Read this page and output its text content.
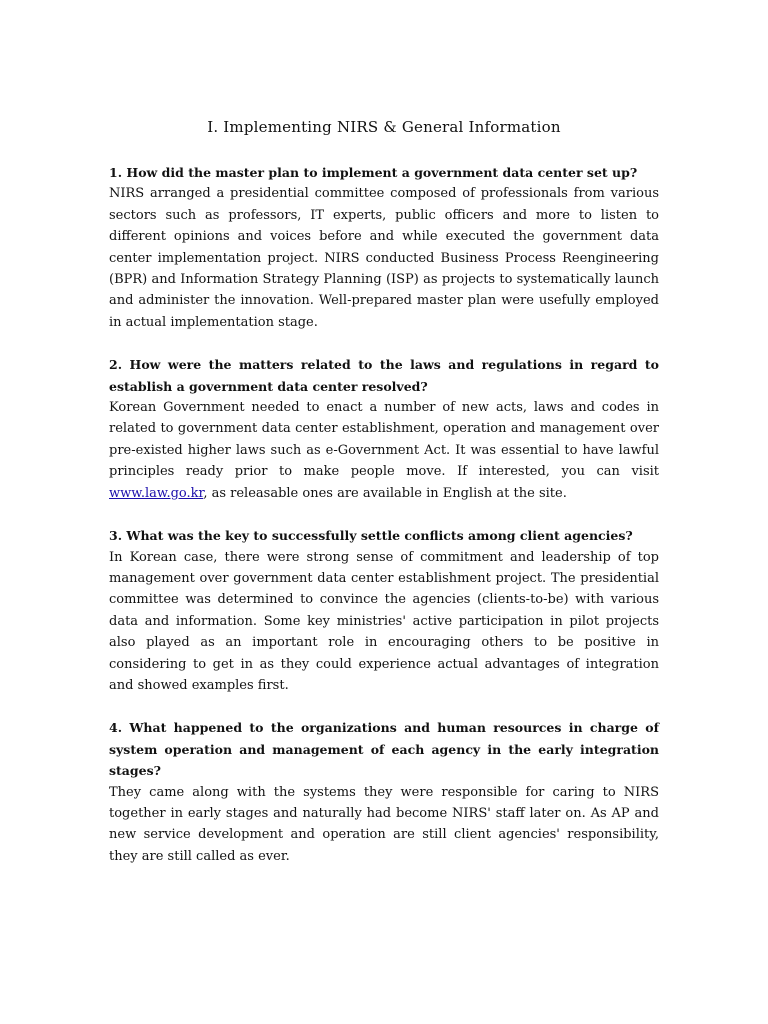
Ⅰ. Implementing NIRS & General Information

1. How did the master plan to implement a government data center set up?

NIRS arranged a presidential committee composed of professionals from various sectors such as professors, IT experts, public officers and more to listen to different opinions and voices before and while executed the government data center implementation project. NIRS conducted Business Process Reengineering (BPR) and Information Strategy Planning (ISP) as projects to systematically launch and administer the innovation. Well-prepared master plan were usefully employed in actual implementation stage.

2. How were the matters related to the laws and regulations in regard to establish a government data center resolved?

Korean Government needed to enact a number of new acts, laws and codes in related to government data center establishment, operation and management over pre-existed higher laws such as e-Government Act. It was essential to have lawful principles ready prior to make people move. If interested, you can visit www.law.go.kr, as releasable ones are available in English at the site.

3. What was the key to successfully settle conflicts among client agencies?

In Korean case, there were strong sense of commitment and leadership of top management over government data center establishment project. The presidential committee was determined to convince the agencies (clients-to-be) with various data and information. Some key ministries' active participation in pilot projects also played as an important role in encouraging others to be positive in considering to get in as they could experience actual advantages of integration and showed examples first.

4. What happened to the organizations and human resources in charge of system operation and management of each agency in the early integration stages?

They came along with the systems they were responsible for caring to NIRS together in early stages and naturally had become NIRS' staff later on. As AP and new service development and operation are still client agencies' responsibility, they are still called as ever.
